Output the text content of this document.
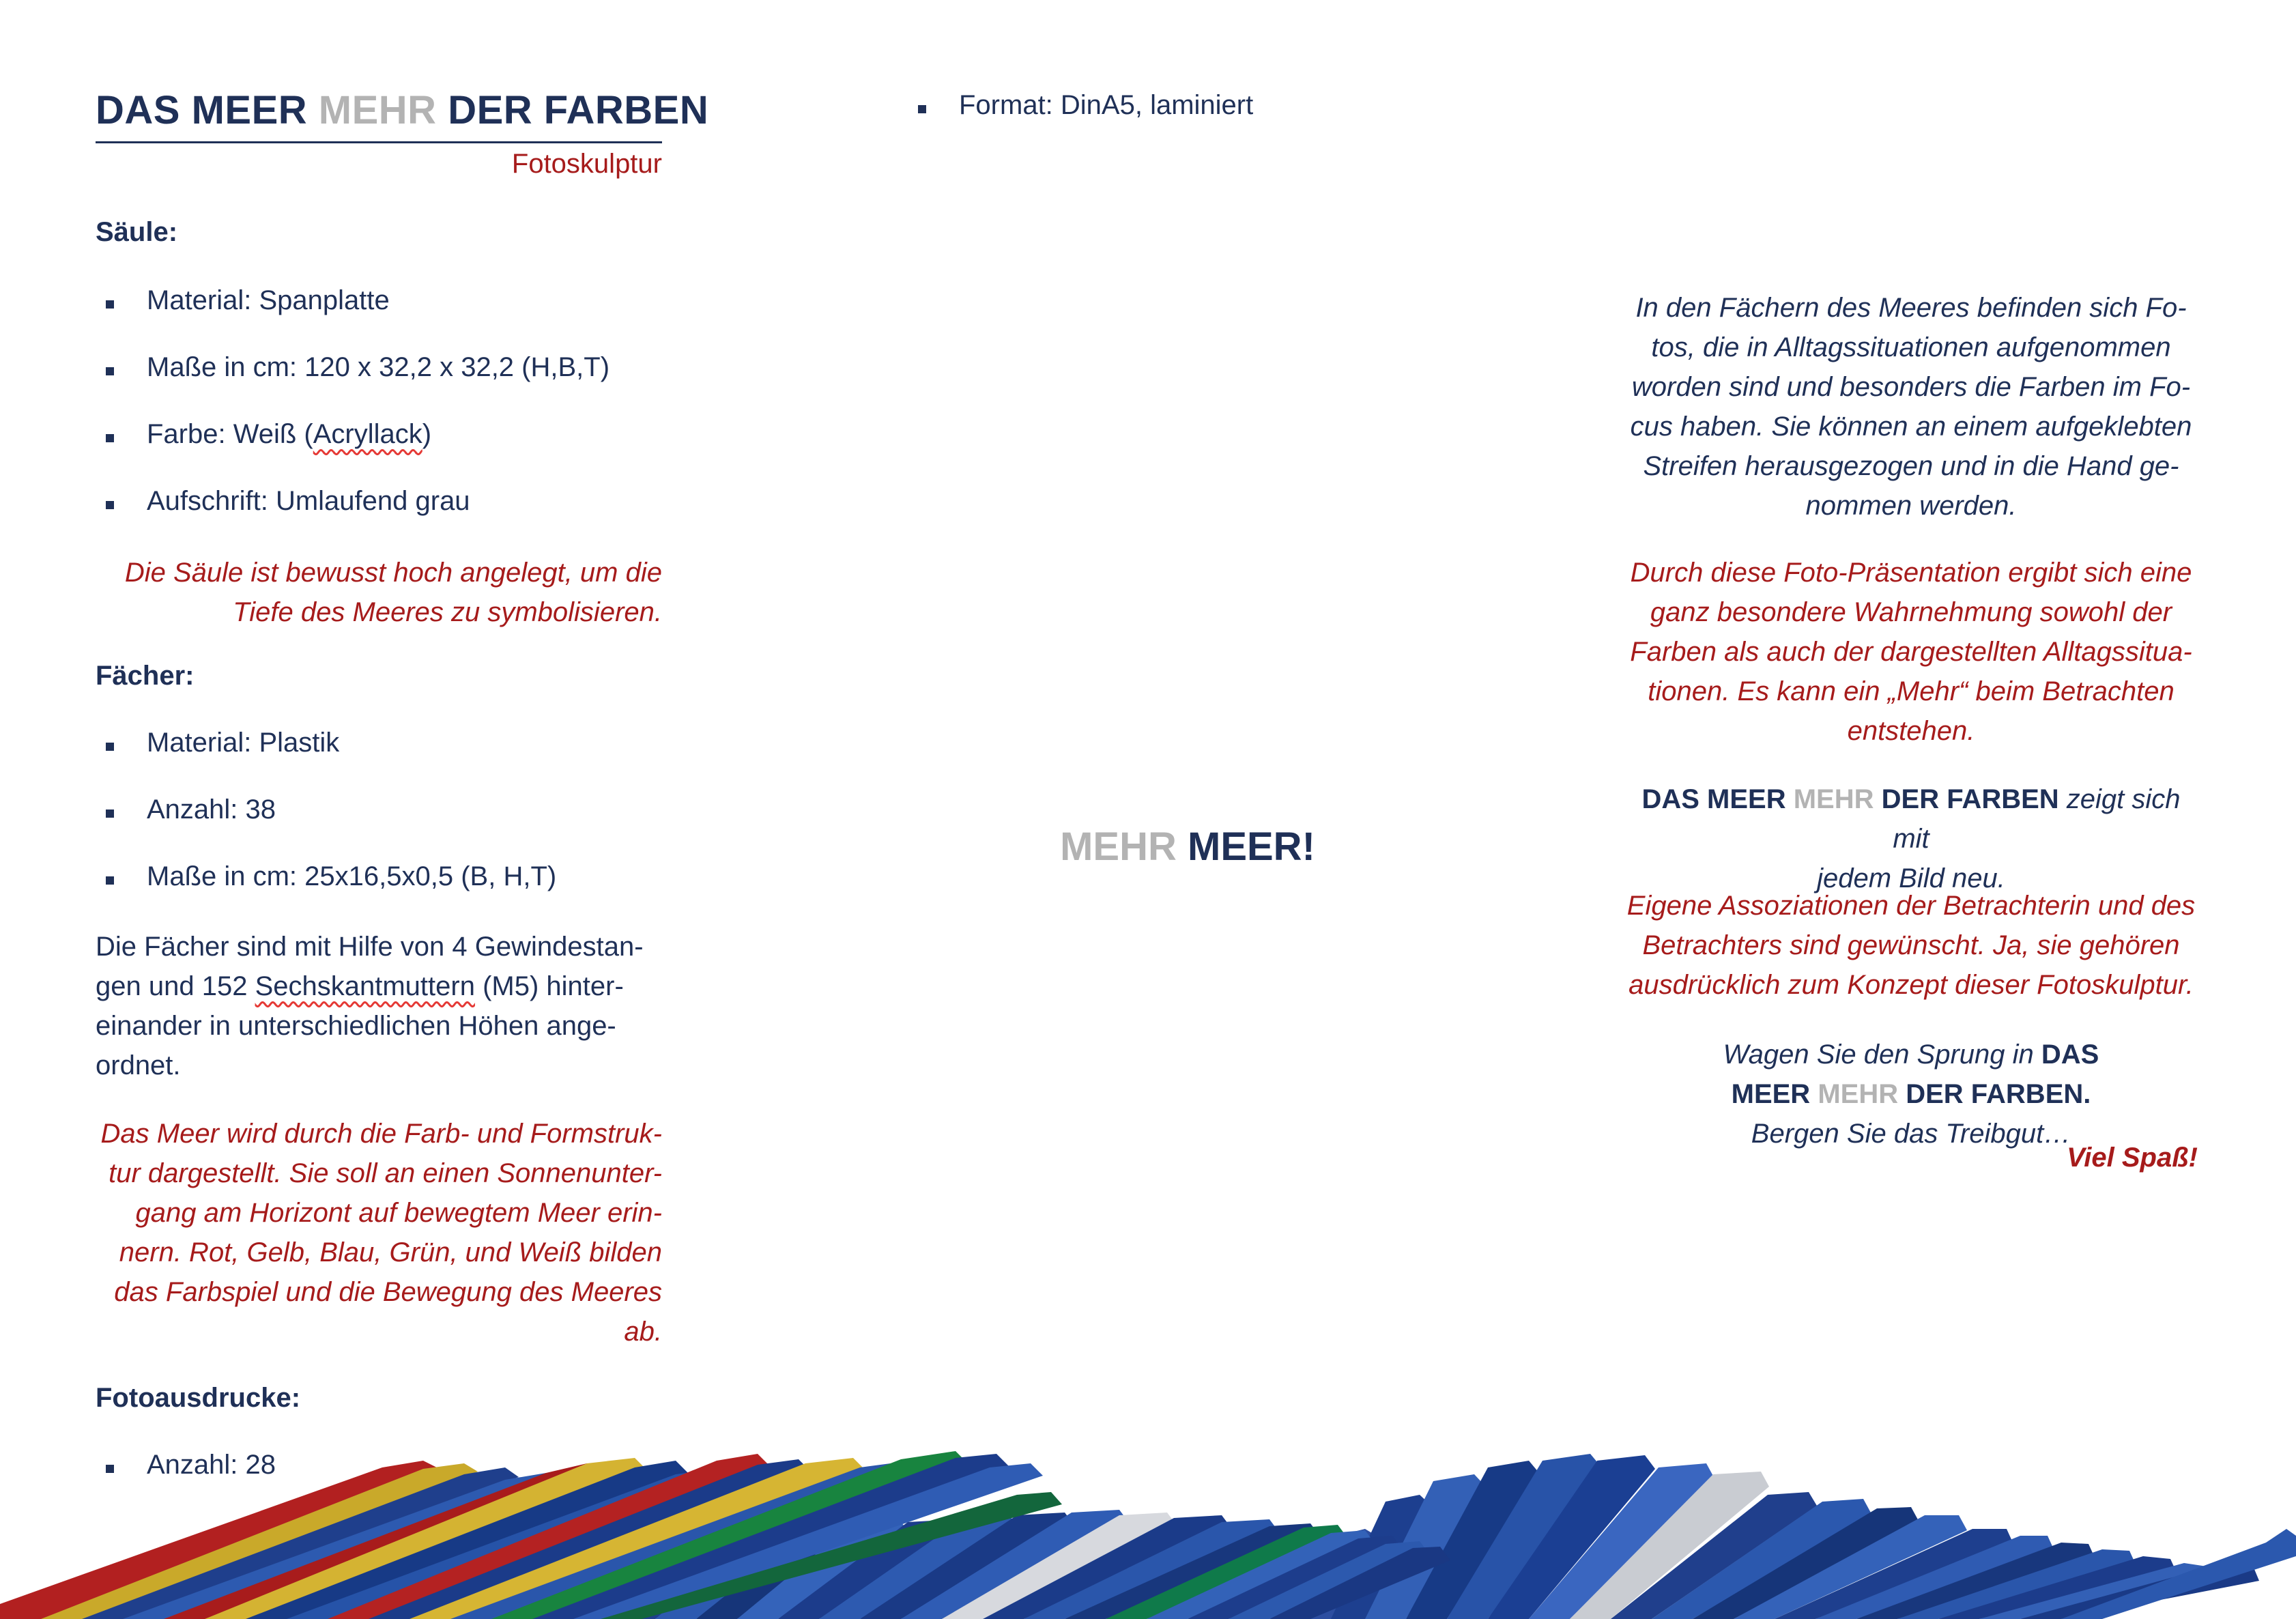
DAS MEER MEHR DER FARBEN
Fotoskulptur
Säule:
Material: Spanplatte
Maße in cm: 120 x 32,2 x 32,2 (H,B,T)
Farbe: Weiß (Acryllack)
Aufschrift: Umlaufend grau
Die Säule ist bewusst hoch angelegt, um die
Tiefe des Meeres zu symbolisieren.
Fächer:
Material: Plastik
Anzahl: 38
Maße in cm: 25x16,5x0,5 (B, H,T)
Die Fächer sind mit Hilfe von 4 Gewindestan-
gen und 152 Sechskantmuttern (M5) hinter-
einander in unterschiedlichen Höhen ange-
ordnet.
Das Meer wird durch die Farb- und Formstruk-
tur dargestellt. Sie soll an einen Sonnenunter-
gang am Horizont auf bewegtem Meer erin-
nern. Rot, Gelb, Blau, Grün, und Weiß bilden
das Farbspiel und die Bewegung des Meeres
ab.
Fotoausdrucke:
Anzahl: 28
Format: DinA5, laminiert
MEHR MEER!
In den Fächern des Meeres befinden sich Fo-
tos, die in Alltagssituationen aufgenommen
worden sind und besonders die Farben im Fo-
cus haben. Sie können an einem aufgeklebten
Streifen herausgezogen und in die Hand ge-
nommen werden.
Durch diese Foto-Präsentation ergibt sich eine
ganz besondere Wahrnehmung sowohl der
Farben als auch der dargestellten Alltagssitua-
tionen. Es kann ein „Mehr“ beim Betrachten
entstehen.
DAS MEER MEHR DER FARBEN zeigt sich mit
jedem Bild neu.
Eigene Assoziationen der Betrachterin und des
Betrachters sind gewünscht. Ja, sie gehören
ausdrücklich zum Konzept dieser Fotoskulptur.
Wagen Sie den Sprung in DAS MEER MEHR DER FARBEN. Bergen Sie das Treibgut…
Viel Spaß!
